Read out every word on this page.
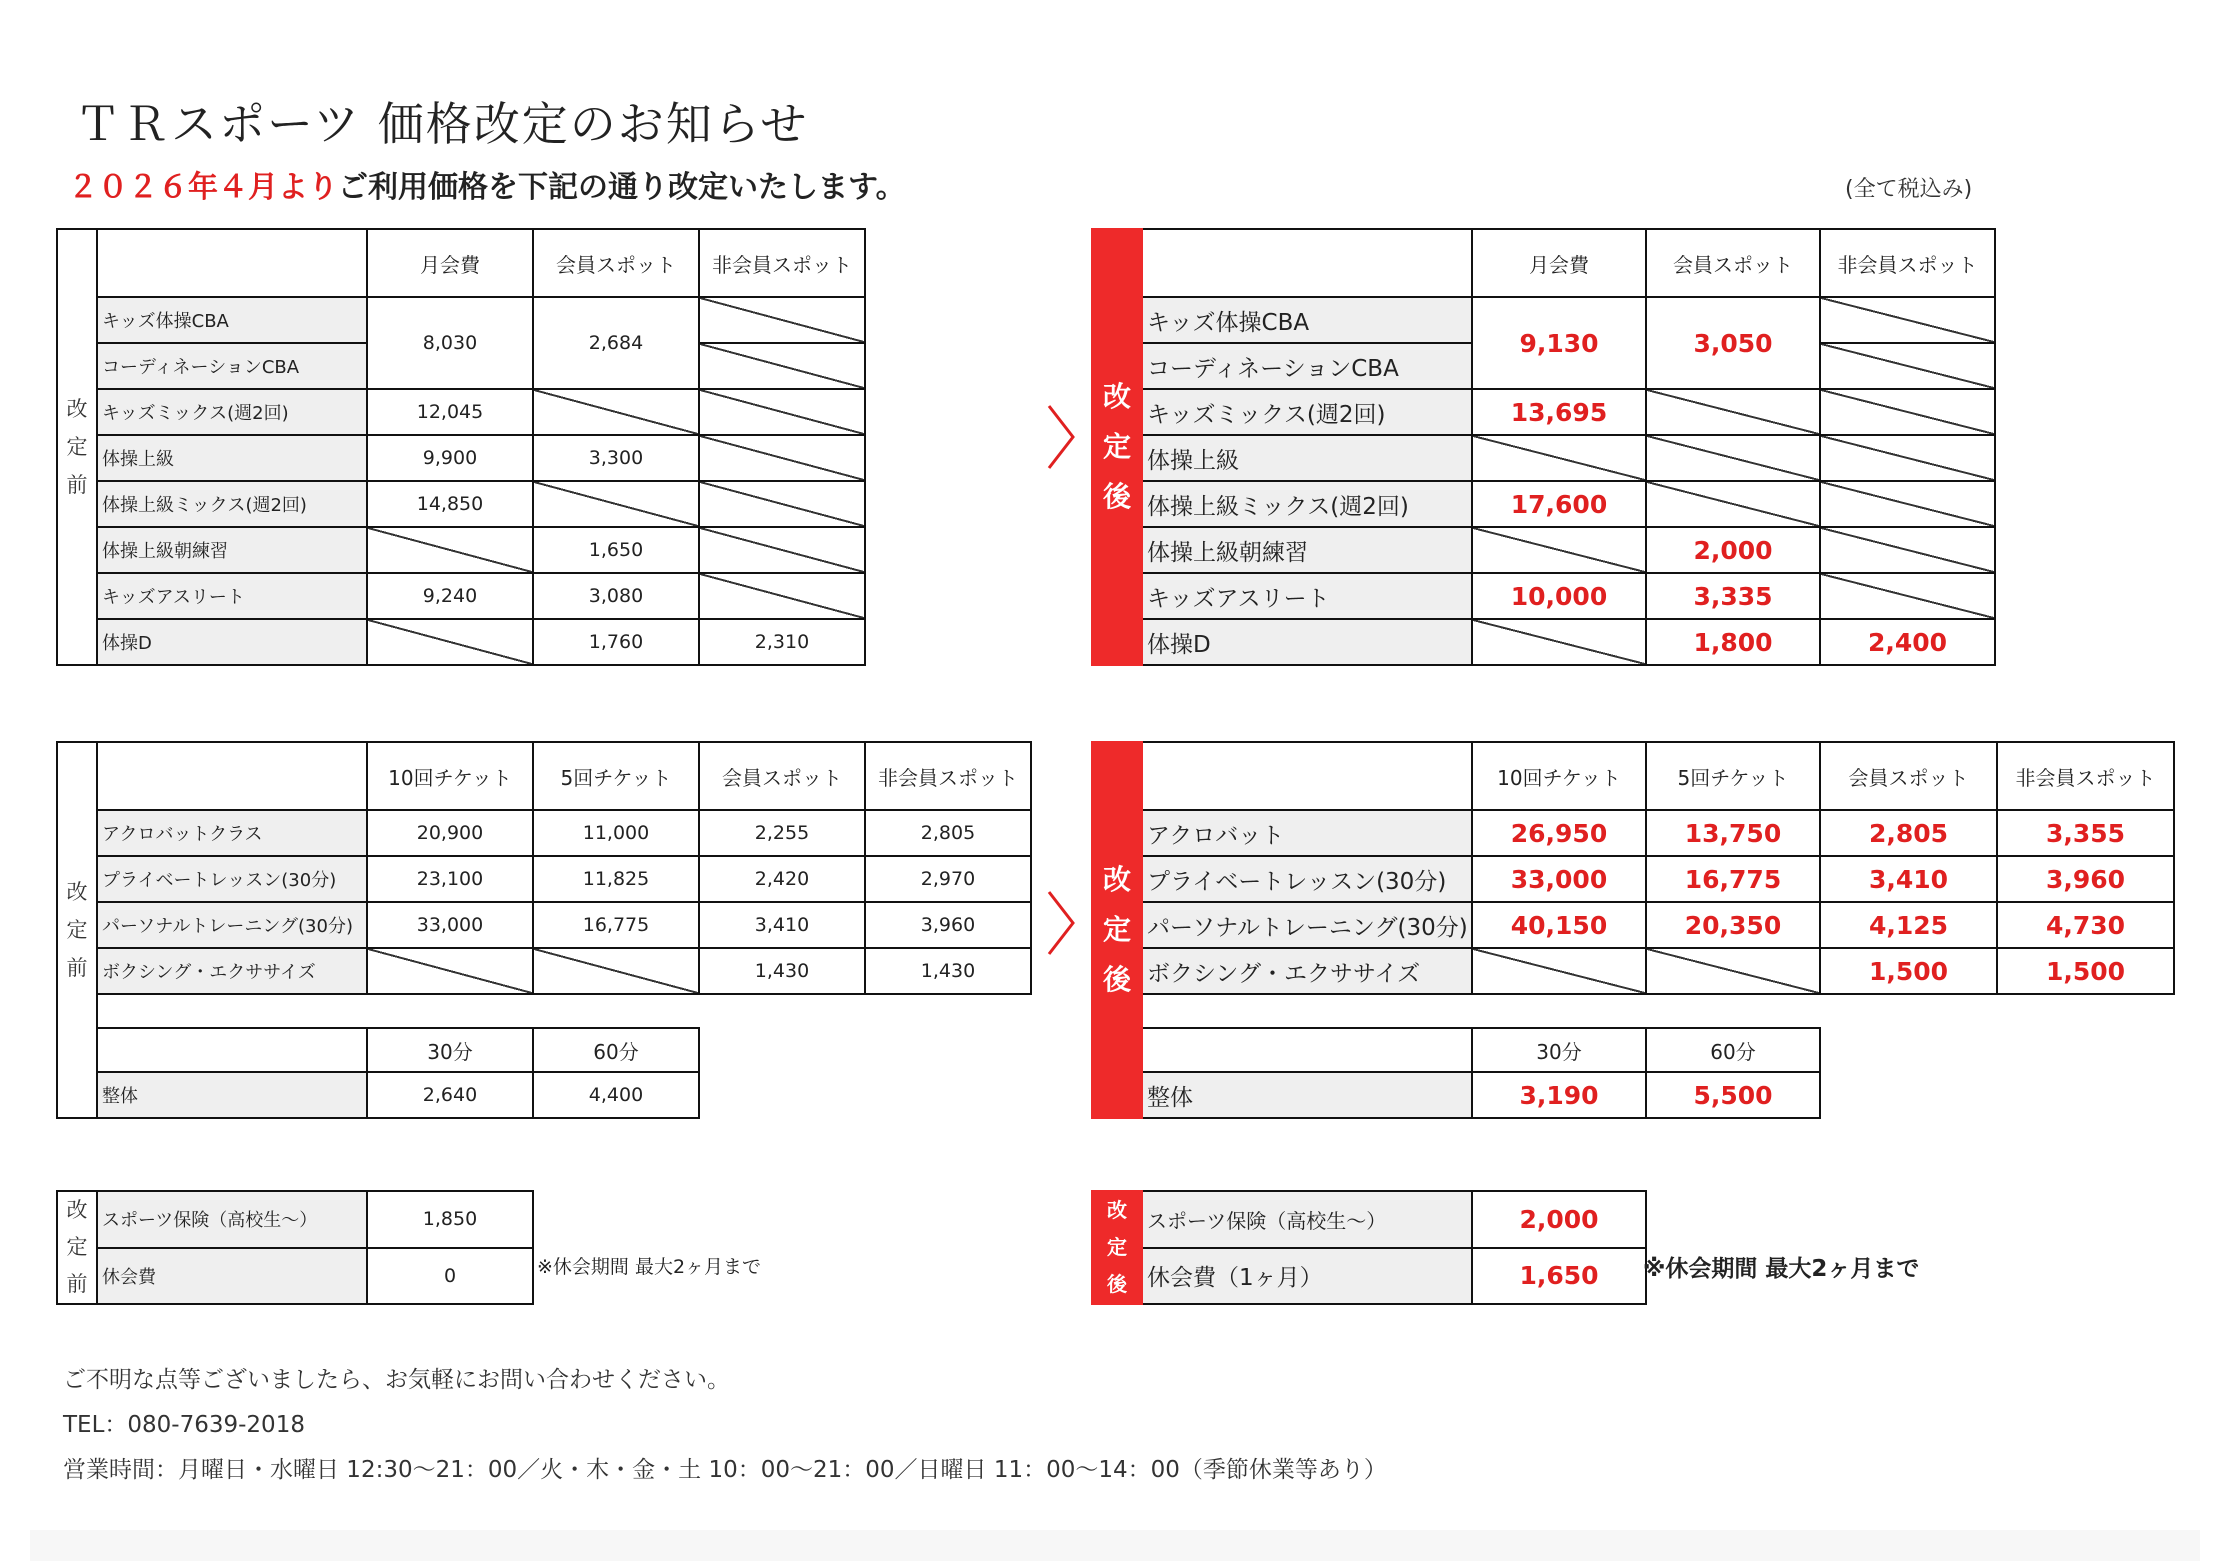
ＴＲスポーツ 価格改定のお知らせ
２０２６年４月よりご利用価格を下記の通り改定いたします。	(全て税込み)
改
定
前		月会費	会員スポット	非会員スポット
	キッズ体操CBA	8,030	2,684	
	コーディネーションCBA			
	キッズミックス(週2回)	12,045		
	体操上級	9,900	3,300	
	体操上級ミックス(週2回)	14,850		
	体操上級朝練習		1,650	
	キッズアスリート	9,240	3,080	
	体操D		1,760	2,310
改
定
後		月会費	会員スポット	非会員スポット
	キッズ体操CBA	9,130	3,050	
	コーディネーションCBA			
	キッズミックス(週2回)	13,695		
	体操上級			
	体操上級ミックス(週2回)	17,600		
	体操上級朝練習		2,000	
	キッズアスリート	10,000	3,335	
	体操D		1,800	2,400
改
定
前		10回チケット	5回チケット	会員スポット	非会員スポット
	アクロバットクラス	20,900	11,000	2,255	2,805
	プライベートレッスン(30分)	23,100	11,825	2,420	2,970
	パーソナルトレーニング(30分)	33,000	16,775	3,410	3,960
	ボクシング・エクササイズ			1,430	1,430

		30分	60分		
	整体	2,640	4,400		
改
定
後		10回チケット	5回チケット	会員スポット	非会員スポット
	アクロバット	26,950	13,750	2,805	3,355
	プライベートレッスン(30分)	33,000	16,775	3,410	3,960
	パーソナルトレーニング(30分)	40,150	20,350	4,125	4,730
	ボクシング・エクササイズ			1,500	1,500

		30分	60分		
	整体	3,190	5,500		
改
定
前	スポーツ保険（高校生〜）	1,850
	休会費	0	※休会期間 最大2ヶ月まで
改
定
後	スポーツ保険（高校生〜）	2,000
	休会費（1ヶ月）	1,650 ※休会期間 最大2ヶ月まで
ご不明な点等ございましたら、お気軽にお問い合わせください。
TEL：080-7639-2018
営業時間：月曜日・水曜日 12:30〜21：00／火・木・金・土 10：00〜21：00／日曜日 11：00〜14：00（季節休業等あり）
